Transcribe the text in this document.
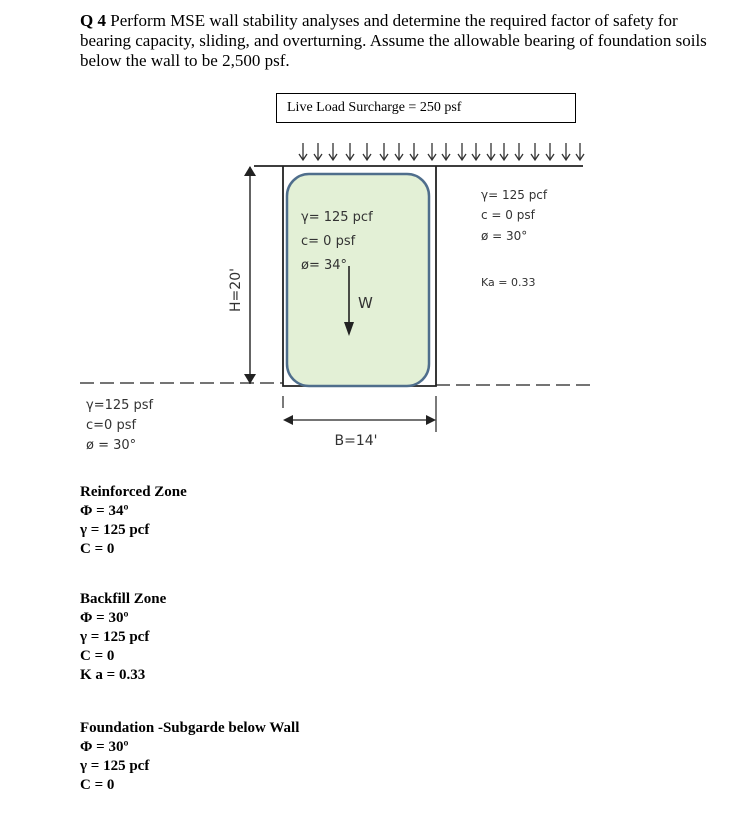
Q 4 Perform MSE wall stability analyses and determine the required factor of safety for bearing capacity, sliding, and overturning. Assume the allowable bearing of foundation soils below the wall to be 2,500 psf.
Live Load Surcharge = 250 psf
H=20'
B=14'
W
γ= 125 pcf
c= 0 psf
ø= 34°
γ= 125 pcf
c = 0 psf
ø = 30°
Ka = 0.33
γ=125 psf
c=0 psf
ø = 30°
Reinforced Zone
Φ = 34º
γ = 125 pcf
C = 0
Backfill Zone
Φ = 30º
γ = 125 pcf
C = 0
K a = 0.33
Foundation -Subgarde below Wall
Φ = 30º
γ = 125 pcf
C = 0
